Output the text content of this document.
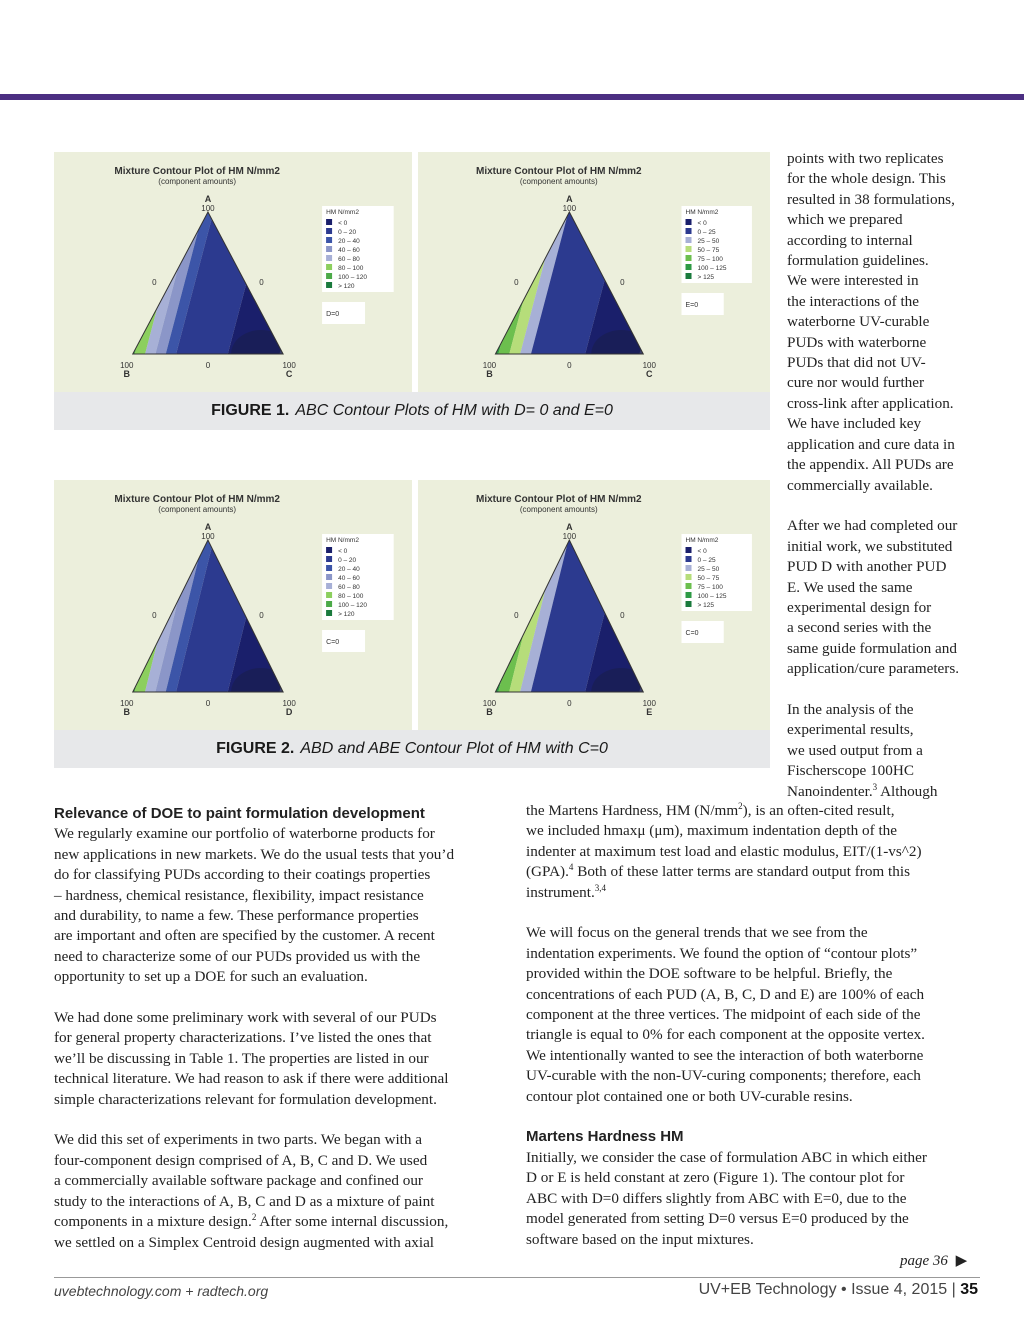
Mixture Contour Plot of HM N/mm2
(component amounts)
A
100
100
B
100
C
0	0
0
HM N/mm2
< 0
0 – 20
20 – 40
40 – 60
60 – 80
80 – 100
100 – 120
> 120
D=0
Mixture Contour Plot of HM N/mm2
(component amounts)
A
100
100
B
100
C
0	0
0
HM N/mm2
< 0
0 – 25
25 – 50
50 – 75
75 – 100
100 – 125
> 125
E=0
FIGURE 1. ABC Contour Plots of HM with D= 0 and E=0
Mixture Contour Plot of HM N/mm2
(component amounts)
A
100
100
B
100
D
0	0
0
HM N/mm2
< 0
0 – 20
20 – 40
40 – 60
60 – 80
80 – 100
100 – 120
> 120
C=0
Mixture Contour Plot of HM N/mm2
(component amounts)
A
100
100
B
100
E
0	0
0
HM N/mm2
< 0
0 – 25
25 – 50
50 – 75
75 – 100
100 – 125
> 125
C=0
FIGURE 2. ABD and ABE Contour Plot of HM with C=0

points with two replicates

for the whole design. This

resulted in 38 formulations,

which we prepared

according to internal

formulation guidelines.

We were interested in

the interactions of the

waterborne UV-curable

PUDs with waterborne

PUDs that did not UV-

cure nor would further

cross-link after application.

We have included key

application and cure data in

the appendix. All PUDs are

commercially available.

After we had completed our

initial work, we substituted

PUD D with another PUD

E. We used the same

experimental design for

a second series with the

same guide formulation and

application/cure parameters.

In the analysis of the

experimental results,

we used output from a

Fischerscope 100HC

Nanoindenter.$^3$ Although

Relevance of DOE to paint formulation development

We regularly examine our portfolio of waterborne products for

new applications in new markets. We do the usual tests that you’d

do for classifying PUDs according to their coatings properties

– hardness, chemical resistance, flexibility, impact resistance

and durability, to name a few. These performance properties

are important and often are specified by the customer. A recent

need to characterize some of our PUDs provided us with the

opportunity to set up a DOE for such an evaluation.

We had done some preliminary work with several of our PUDs

for general property characterizations. I’ve listed the ones that

we’ll be discussing in Table 1. The properties are listed in our

technical literature. We had reason to ask if there were additional

simple characterizations relevant for formulation development.

We did this set of experiments in two parts. We began with a

four-component design comprised of A, B, C and D. We used

a commercially available software package and confined our

study to the interactions of A, B, C and D as a mixture of paint

components in a mixture design.$^2$ After some internal discussion,

we settled on a Simplex Centroid design augmented with axial

the Martens Hardness, HM $(N/mm^2)$, is an often-cited result,

we included hmaxμ (μm), maximum indentation depth of the

indenter at maximum test load and elastic modulus, EIT/(1-vs^2)

(GPA).$^4$ Both of these latter terms are standard output from this

instrument.$^{3,4}$

We will focus on the general trends that we see from the

indentation experiments. We found the option of “contour plots”

provided within the DOE software to be helpful. Briefly, the

concentrations of each PUD (A, B, C, D and E) are 100% of each

component at the three vertices. The midpoint of each side of the

triangle is equal to 0% for each component at the opposite vertex.

We intentionally wanted to see the interaction of both waterborne

UV-curable with the non-UV-curing components; therefore, each

contour plot contained one or both UV-curable resins.

Martens Hardness HM

Initially, we consider the case of formulation ABC in which either

D or E is held constant at zero (Figure 1). The contour plot for

ABC with D=0 differs slightly from ABC with E=0, due to the

model generated from setting D=0 versus E=0 produced by the

software based on the input mixtures.

page 36 ▶
uvebtechnology.com + radtech.org	UV+EB Technology • Issue 4, 2015 | 35
